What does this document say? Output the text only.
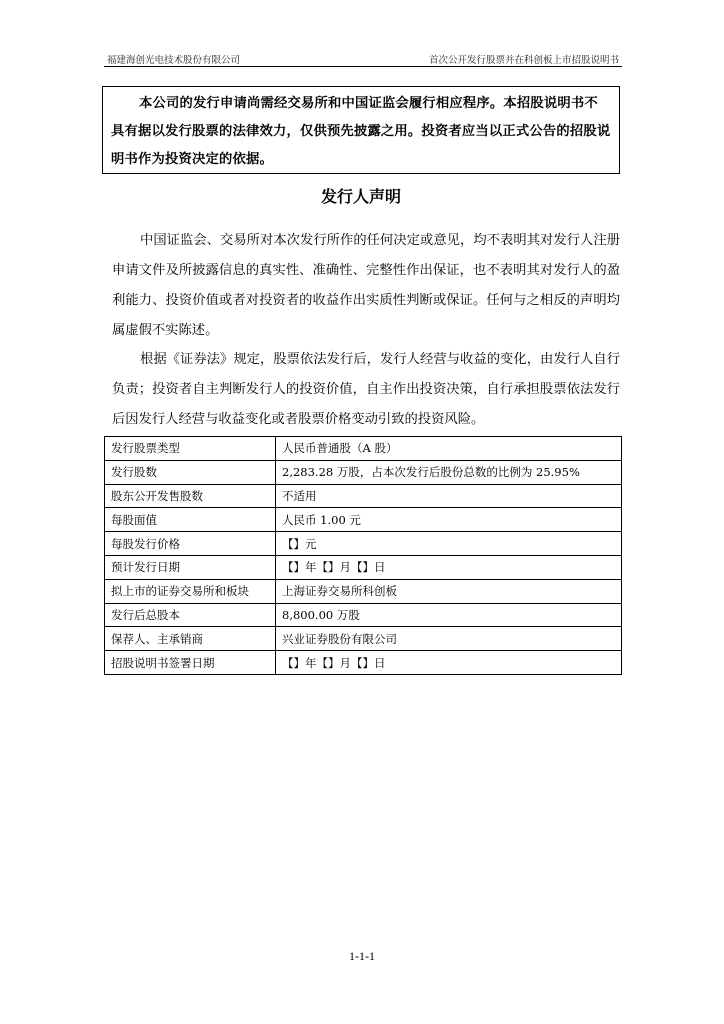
福建海创光电技术股份有限公司	首次公开发行股票并在科创板上市招股说明书
本公司的发行申请尚需经交易所和中国证监会履行相应程序。本招股说明书不具有据以发行股票的法律效力，仅供预先披露之用。投资者应当以正式公告的招股说明书作为投资决定的依据。
发行人声明
中国证监会、交易所对本次发行所作的任何决定或意见，均不表明其对发行人注册申请文件及所披露信息的真实性、准确性、完整性作出保证，也不表明其对发行人的盈利能力、投资价值或者对投资者的收益作出实质性判断或保证。任何与之相反的声明均属虚假不实陈述。
根据《证券法》规定，股票依法发行后，发行人经营与收益的变化，由发行人自行负责；投资者自主判断发行人的投资价值，自主作出投资决策，自行承担股票依法发行后因发行人经营与收益变化或者股票价格变动引致的投资风险。
发行股票类型	人民币普通股（A 股）
发行股数	2,283.28 万股，占本次发行后股份总数的比例为 25.95%
股东公开发售股数	不适用
每股面值	人民币 1.00 元
每股发行价格	【】元
预计发行日期	【】年【】月【】日
拟上市的证券交易所和板块	上海证券交易所科创板
发行后总股本	8,800.00 万股
保荐人、主承销商	兴业证券股份有限公司
招股说明书签署日期	【】年【】月【】日
1-1-1
